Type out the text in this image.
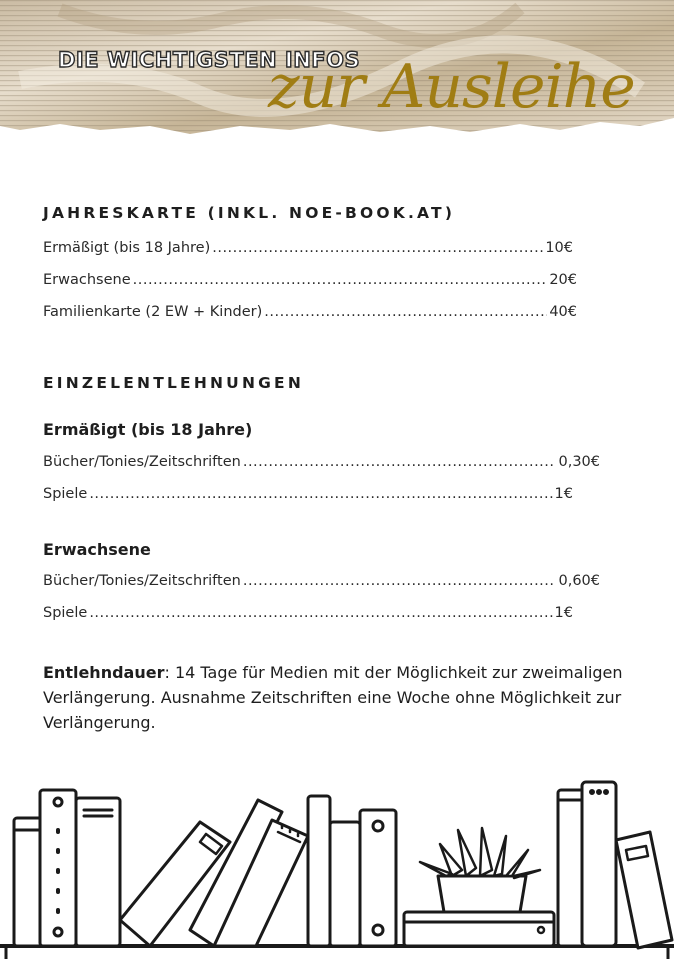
DIE WICHTIGSTEN INFOS
zur Ausleihe
JAHRESKARTE (INKL. NOE-BOOK.AT)
Ermäßigt (bis 18 Jahre) .....	10€
Erwachsene .....	20€
Familienkarte (2 EW + Kinder) .....	40€
EINZELENTLEHNUNGEN
Ermäßigt (bis 18 Jahre)
Bücher/Tonies/Zeitschriften .....	0,30€
Spiele .....	1€
Erwachsene
Bücher/Tonies/Zeitschriften .....	0,60€
Spiele .....	1€
Entlehndauer: 14 Tage für Medien mit der Möglichkeit zur zweimaligen Verlängerung. Ausnahme Zeitschriften eine Woche ohne Möglichkeit zur Verlängerung.
